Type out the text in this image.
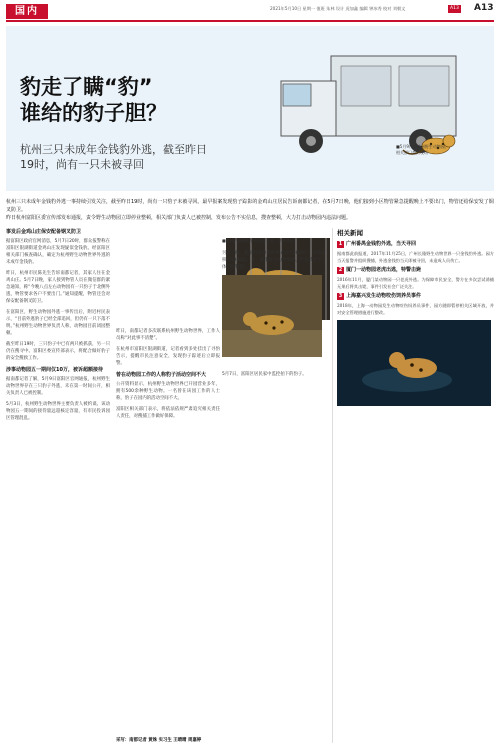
国内	2021年5月10日 星期一 值班 朱林 设计 虎加鑫 编辑 钟冰秀 校对 刘朝文	A13 A13
豹走了瞒“豹”
谁给的豹子胆？
杭州三只未成年金钱豹外逃，截至昨日
19时，尚有一只未被寻回
■5月9日，杭州野生动物园，
相关部门查封现场

杭州三只未成年金钱豹外逃一事持续引发关注，截至昨日19时，尚有一只豹子未被寻回。最早报案发现豹子踪影的金鸡山庄居民告诉南都记者，在5月7日晚，他们接到小区物管紧急提醒晚上不要出门，物管还给保安发了铜叉防卫。

昨日杭州富阳区委宣传部发布通报，责令野生动物园立即停业整顿，相关部门负责人已被控制，发布公告不实信息，搜查整顿，大力打击动物园内违法问题。

事发后金鸡山庄保安配备钢叉防卫

据富阳区政府官网消息，5月7日20时，群众报警称在富阳区银湖街道金鸡山庄发现疑似金钱豹。经富阳区相关部门核查确认，确定为杭州野生动物世界外逃的未成年金钱豹。

昨日，杭州市民陈先生告诉南都记者，其家人住在金鸡山庄。5月7日晚，家人接到物管人员在微信群的紧急通知，称“今晚八点左右动物园有一只豹子于北侧外逃，物管要求各户不要出门。”通知提醒，物管还会对保安配备钢叉防卫。

在富阳区，野生动物园外逃一事传出后，附近村民表示，“目前外逃豹子已经全部追回，但仍有一只下落不明。”杭州野生动物世界负责人称，动物园目前闭园整顿。

截至昨日19时，三只豹子中已有两只被抓获，另一只仍在搜寻中。富阳区委宣传部表示，将配合做好豹子的安全搜救工作。

涉事动物园五一期间仅10万，被诉超额接待

据南都记者了解，5月9日富阳区官网通报，杭州野生动物世界存在三只豹子外逃，未在第一时间公开，相关负责人已被控制。

5月3日，杭州野生动物世界主要负责人被约谈。该动物园五一期间的接待量远超核定容量，有市民投诉园区管理混乱。

昨日，南都记者多次联系杭州野生动物世界，工作人员称“对此事不清楚”。

在杭州市富阳区银湖街道，记者看到多处挂出了寻豹告示，提醒市民注意安全，发现豹子踪迹后立即报警。

曾在动物园工作的人称豹子活动空间不大

公开资料显示，杭州野生动物世界已开园营业多年，拥有500余种野生动物。一名曾在该园工作的人士称，豹子在园内的活动空间不大。

富阳区相关部门表示，将依法依规严肃追究相关责任人责任，对搜捕工作做好保障。

■金钱豹被麻醉后装在笼子里，等待转运。

另据了解，杭州野生动物世界成立于2000年，占地面积约3000亩，是一家集野生动物保护、科普教育于一体的动物园。

5月7日，富阳区居民家中监控拍下的豹子。

采写：南都记者 黄姝 实习生 王晴晴 周嘉婷
相关新闻
1 广州番禺金钱豹外逃，当天寻回

据南都此前报道，2017年11月25日，广州长隆野生动物世界一只金钱豹外逃。园方当天报警并组织搜捕，外逃金钱豹当天即被寻回，未造成人员伤亡。

2 厦门一动物园老虎出逃，特警击毙

2016年11月，厦门某动物园一只老虎外逃。为保障市民安全，警方在多次尝试诱捕无果后将其击毙，事件引发社会广泛关注。

3 上海嘉兴发生动物咬伤饲养员事件

2018年，上海一动物园发生动物咬伤饲养员事件，园方随即暂停相关区域开放，并对安全管理措施进行整改。
